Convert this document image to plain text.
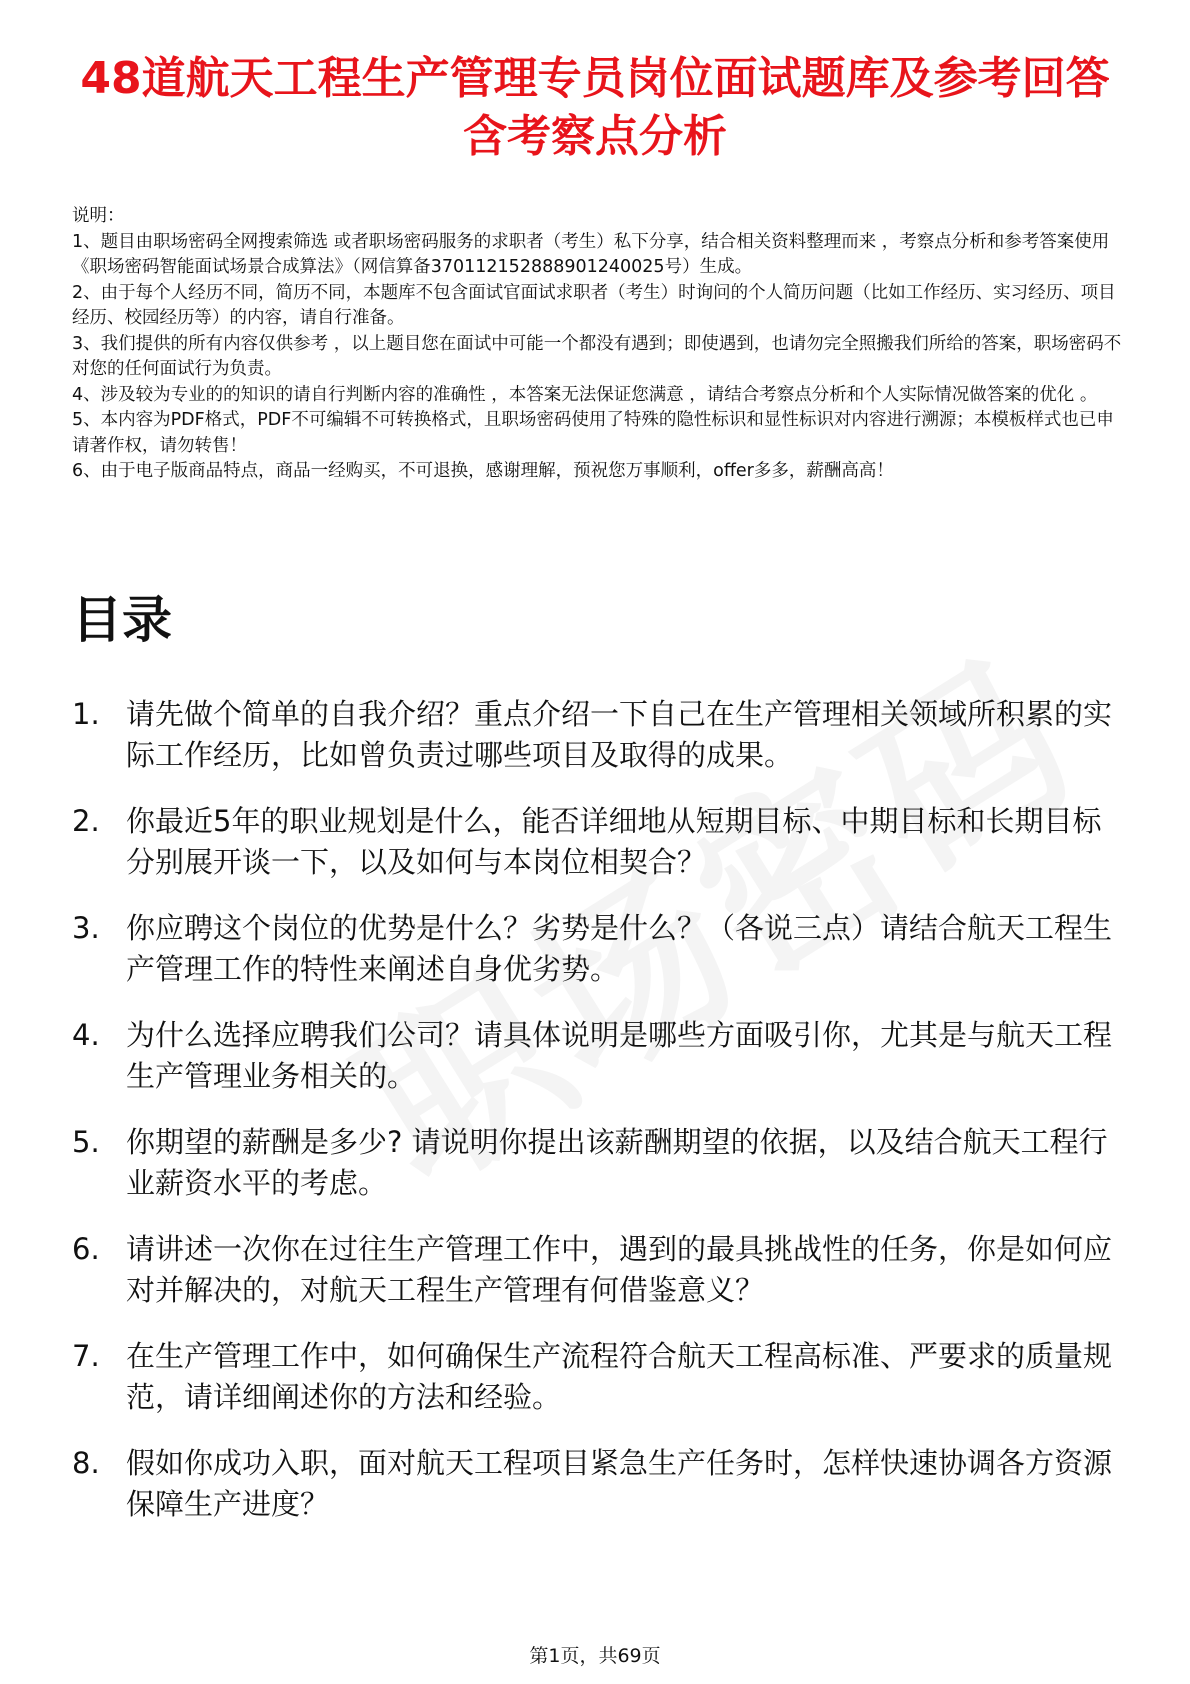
48道航天工程生产管理专员岗位面试题库及参考回答含考察点分析

说明：

1、题目由职场密码全网搜索筛选 或者职场密码服务的求职者（考生）私下分享，结合相关资料整理而来 ，考察点分析和参考答案使用《职场密码智能面试场景合成算法》（网信算备370112152888901240025号）生成。

2、由于每个人经历不同，简历不同，本题库不包含面试官面试求职者（考生）时询问的个人简历问题（比如工作经历、实习经历、项目经历、校园经历等）的内容，请自行准备。

3、我们提供的所有内容仅供参考 ，以上题目您在面试中可能一个都没有遇到；即使遇到，也请勿完全照搬我们所给的答案，职场密码不对您的任何面试行为负责。

4、涉及较为专业的的知识的请自行判断内容的准确性 ，本答案无法保证您满意 ，请结合考察点分析和个人实际情况做答案的优化 。

5、本内容为PDF格式，PDF不可编辑不可转换格式，且职场密码使用了特殊的隐性标识和显性标识对内容进行溯源；本模板样式也已申请著作权，请勿转售！

6、由于电子版商品特点，商品一经购买，不可退换，感谢理解，预祝您万事顺利，offer多多，薪酬高高！

目录
1. 请先做个简单的自我介绍？重点介绍一下自己在生产管理相关领域所积累的实际工作经历，比如曾负责过哪些项目及取得的成果。
2. 你最近5年的职业规划是什么，能否详细地从短期目标、中期目标和长期目标分别展开谈一下，以及如何与本岗位相契合？
3. 你应聘这个岗位的优势是什么？劣势是什么？（各说三点）请结合航天工程生产管理工作的特性来阐述自身优劣势。
4. 为什么选择应聘我们公司？请具体说明是哪些方面吸引你，尤其是与航天工程生产管理业务相关的。
5. 你期望的薪酬是多少? 请说明你提出该薪酬期望的依据，以及结合航天工程行业薪资水平的考虑。
6. 请讲述一次你在过往生产管理工作中，遇到的最具挑战性的任务，你是如何应对并解决的，对航天工程生产管理有何借鉴意义？
7. 在生产管理工作中，如何确保生产流程符合航天工程高标准、严要求的质量规范，请详细阐述你的方法和经验。
8. 假如你成功入职，面对航天工程项目紧急生产任务时，怎样快速协调各方资源保障生产进度？
第1页，共69页
